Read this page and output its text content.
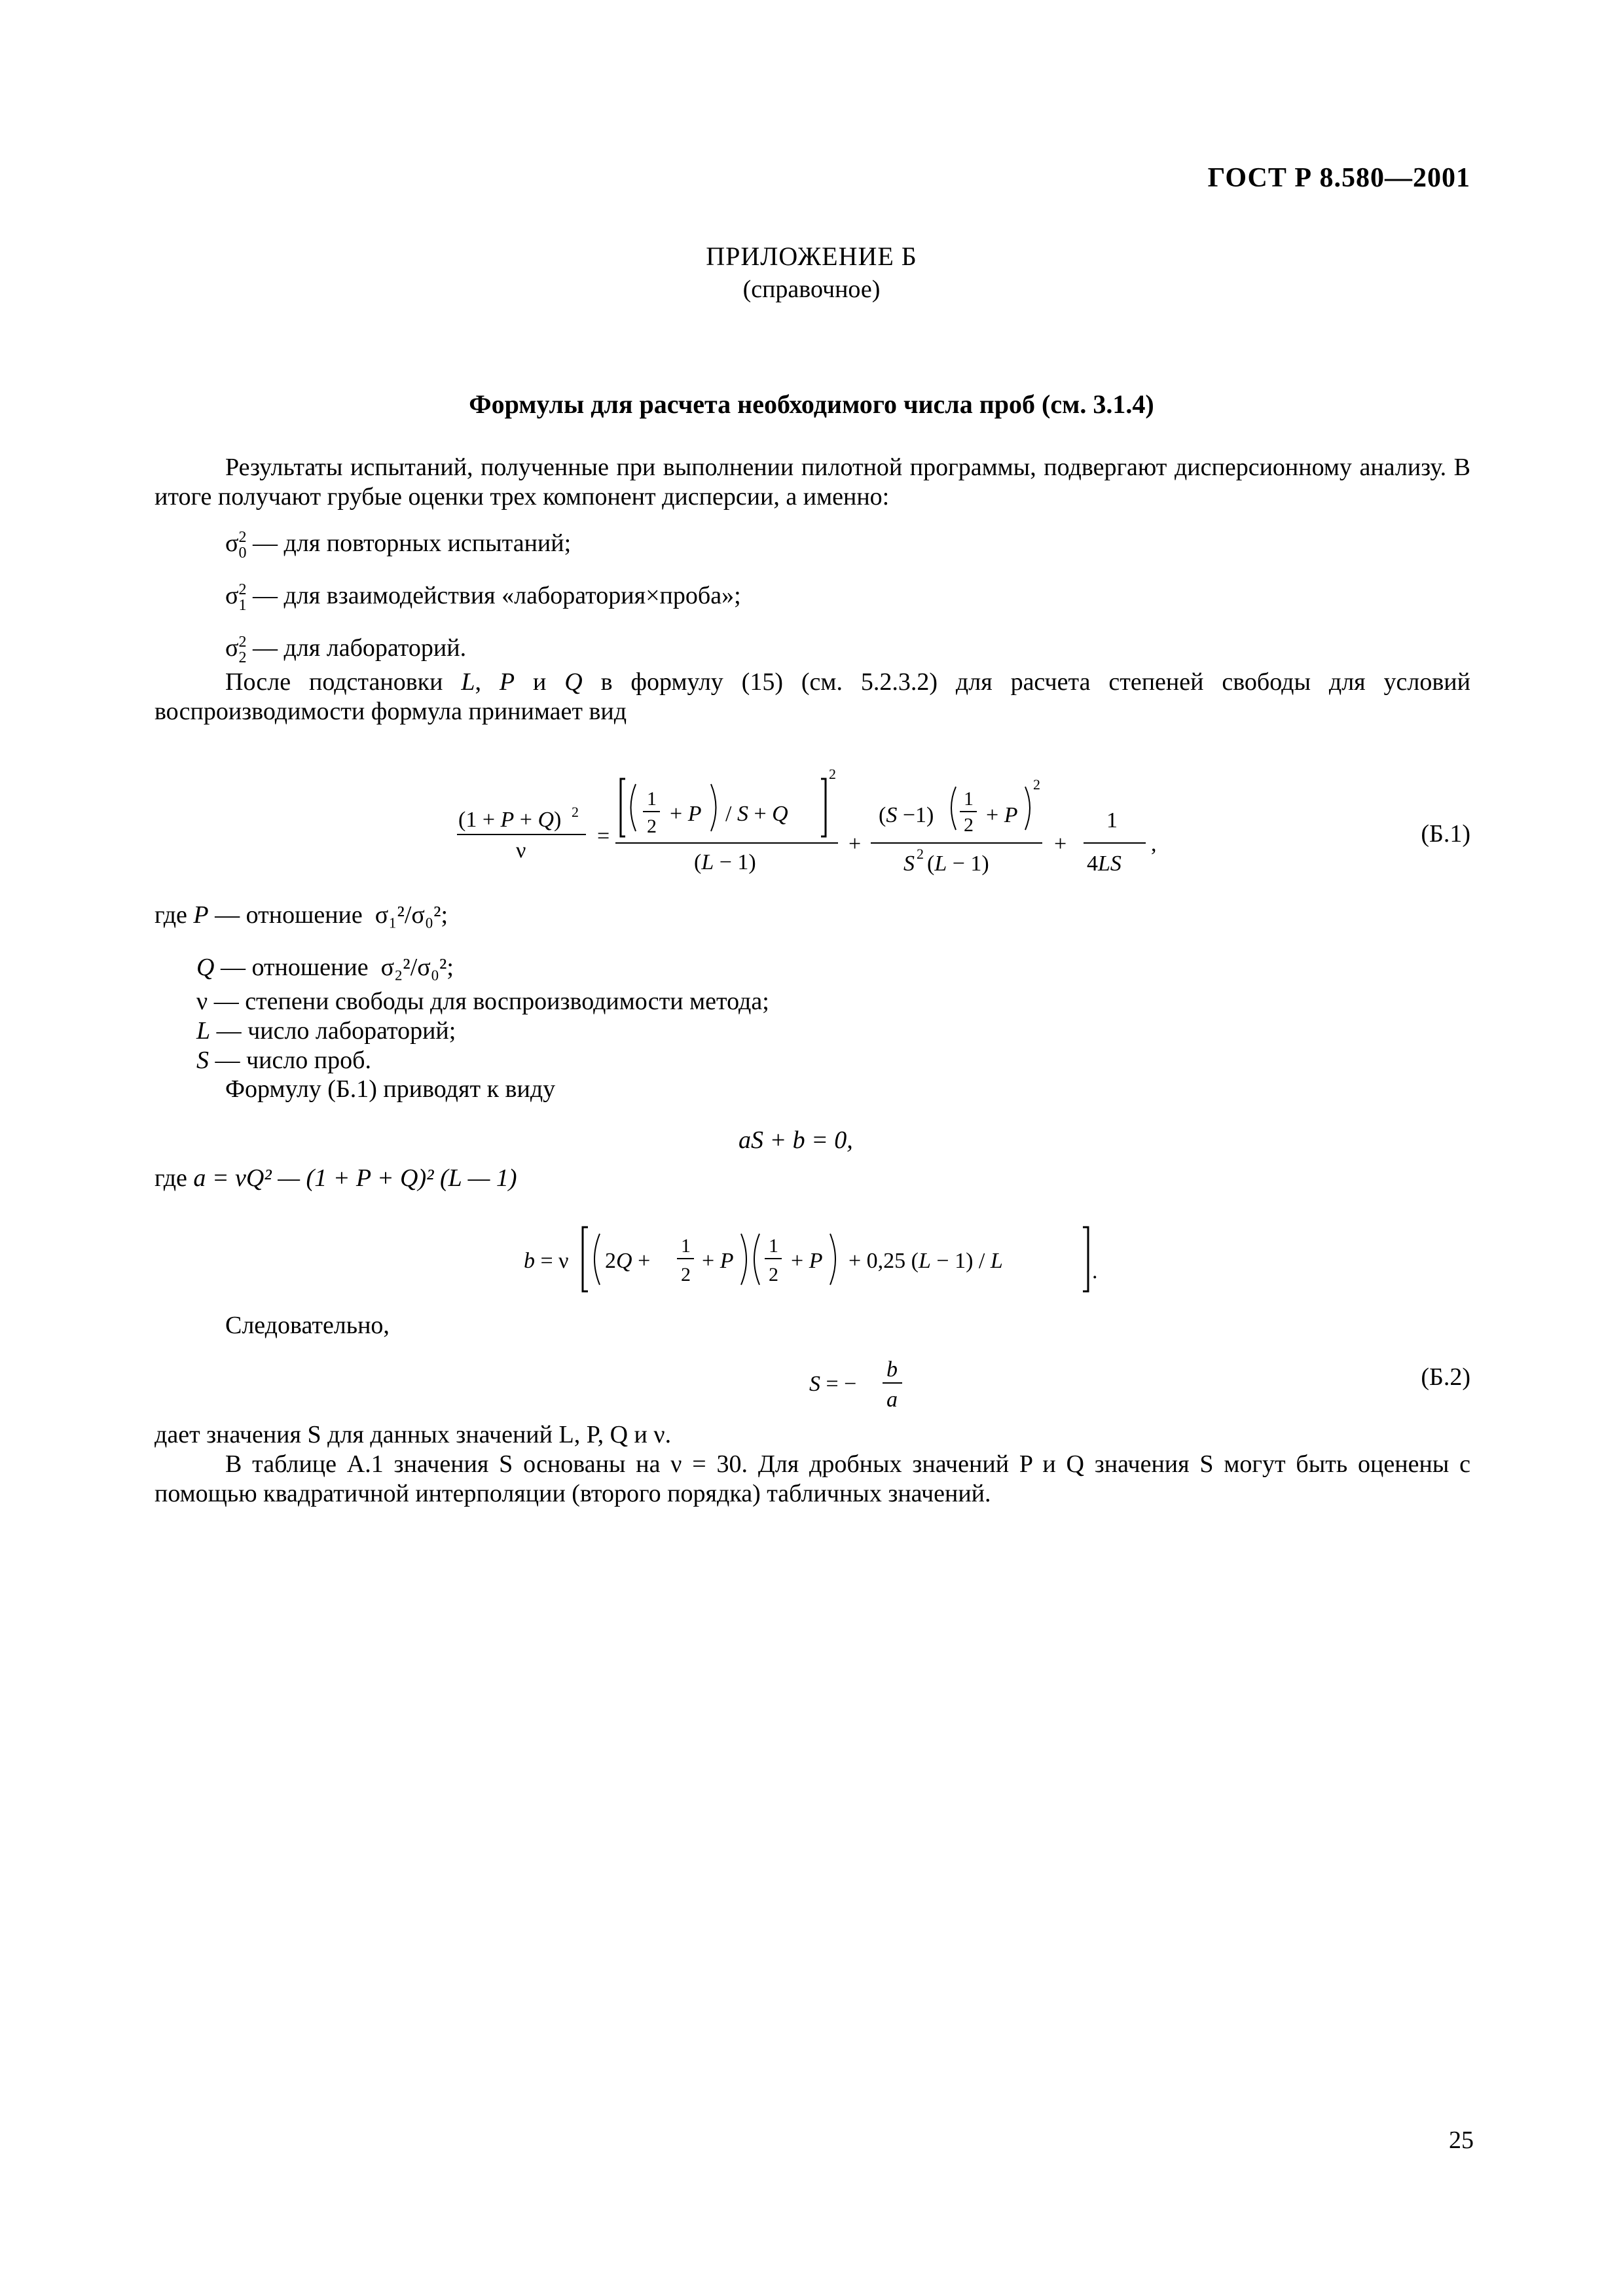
ГОСТ Р 8.580—2001
ПРИЛОЖЕНИЕ Б
(справочное)
Формулы для расчета необходимого числа проб (см. 3.1.4)
Результаты испытаний, полученные при выполнении пилотной программы, подвергают дисперсионному анализу. В итоге получают грубые оценки трех компонент дисперсии, а именно:
σ 2
0 — для повторных испытаний;
σ 2
1 — для взаимодействия «лаборатория×проба»;
σ 2
2 — для лабораторий.
После подстановки L, P и Q в формулу (15) (см. 5.2.3.2) для расчета степеней свободы для условий воспроизводимости формула принимает вид
(1 + P + Q) 2
ν
=
1
2
+ P / S + Q
2
(L − 1)
+
(S −1)
1
2 + P
2
S 2 (L − 1)
+
1
4LS
,	(Б.1)
где P — отношение σ₁²/σ₀²;
Q — отношение σ₂²/σ₀²;
ν — степени свободы для воспроизводимости метода;
L — число лабораторий;
S — число проб.
Формулу (Б.1) приводят к виду
aS + b = 0,
где a = νQ² — (1 + P + Q)² (L — 1)
b = ν 2Q +
1
2
+ P
1
2
+ P + 0,25 (L − 1) / L	.
Следовательно,
S = −
b
a
(Б.2)
дает значения S для данных значений L, P, Q и ν.
В таблице А.1 значения S основаны на ν = 30. Для дробных значений P и Q значения S могут быть оценены с помощью квадратичной интерполяции (второго порядка) табличных значений.
25
